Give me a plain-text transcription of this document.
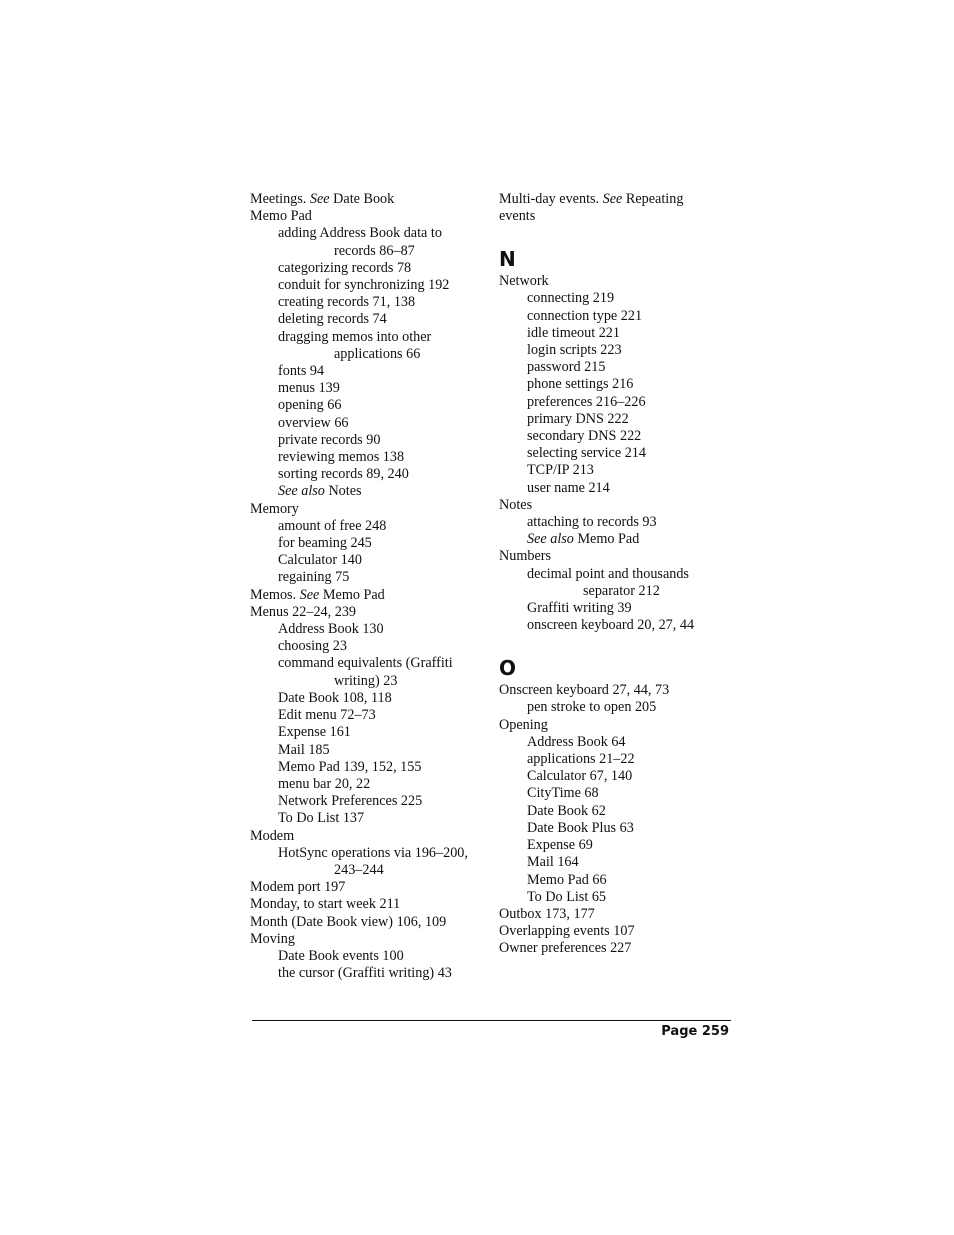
Meetings. See Date Book
Memo Pad
adding Address Book data to
records 86–87
categorizing records 78
conduit for synchronizing 192
creating records 71, 138
deleting records 74
dragging memos into other
applications 66
fonts 94
menus 139
opening 66
overview 66
private records 90
reviewing memos 138
sorting records 89, 240
See also Notes
Memory
amount of free 248
for beaming 245
Calculator 140
regaining 75
Memos. See Memo Pad
Menus 22–24, 239
Address Book 130
choosing 23
command equivalents (Graffiti
writing) 23
Date Book 108, 118
Edit menu 72–73
Expense 161
Mail 185
Memo Pad 139, 152, 155
menu bar 20, 22
Network Preferences 225
To Do List 137
Modem
HotSync operations via 196–200,
243–244
Modem port 197
Monday, to start week 211
Month (Date Book view) 106, 109
Moving
Date Book events 100
the cursor (Graffiti writing) 43
Multi-day events. See Repeating
events
N
Network
connecting 219
connection type 221
idle timeout 221
login scripts 223
password 215
phone settings 216
preferences 216–226
primary DNS 222
secondary DNS 222
selecting service 214
TCP/IP 213
user name 214
Notes
attaching to records 93
See also Memo Pad
Numbers
decimal point and thousands
separator 212
Graffiti writing 39
onscreen keyboard 20, 27, 44
O
Onscreen keyboard 27, 44, 73
pen stroke to open 205
Opening
Address Book 64
applications 21–22
Calculator 67, 140
CityTime 68
Date Book 62
Date Book Plus 63
Expense 69
Mail 164
Memo Pad 66
To Do List 65
Outbox 173, 177
Overlapping events 107
Owner preferences 227
Page 259
